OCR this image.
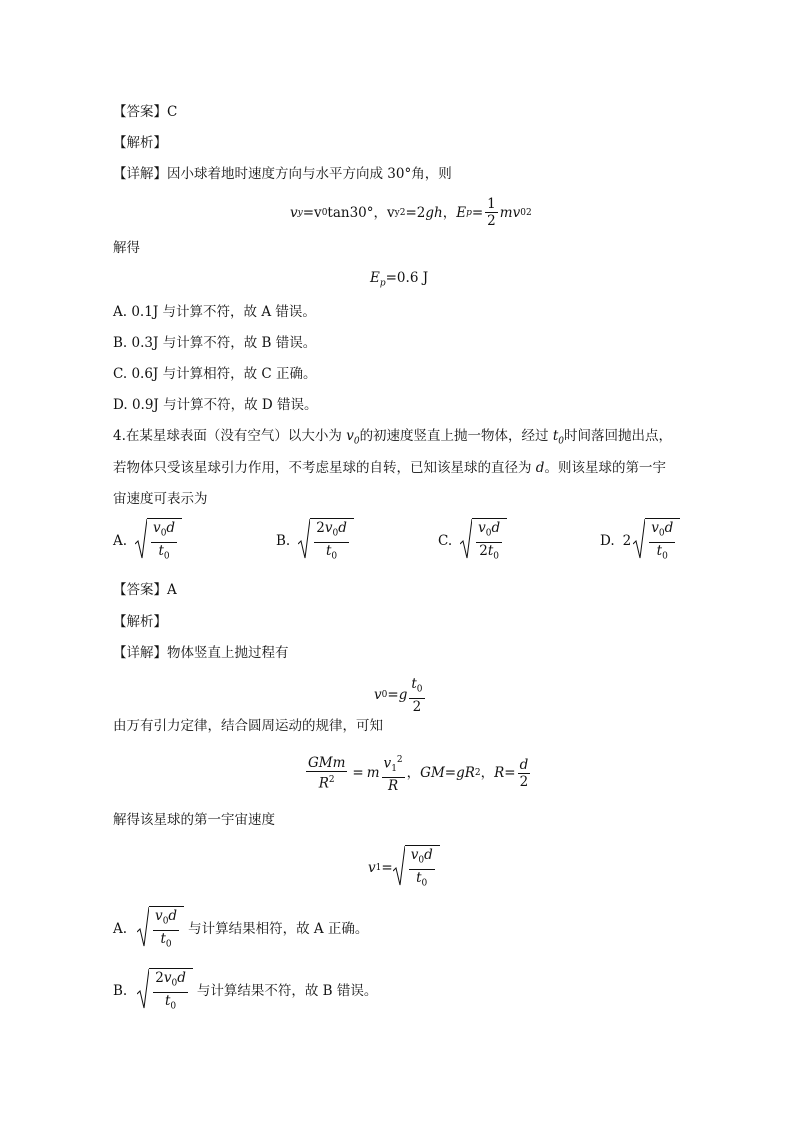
【答案】C
【解析】
【详解】因小球着地时速度方向与水平方向成 30°角，则
v y =v 0 tan30°，v y 2 =2 gh ， E $p = \frac{1}{2}$ mv 0 2
解得
$E_p=0.6$ J
A. 0.1J 与计算不符，故 A 错误。
B. 0.3J 与计算不符，故 B 错误。
C. 0.6J 与计算相符，故 C 正确。
D. 0.9J 与计算不符，故 D 错误。
4.在某星球表面（没有空气）以大小为 $v_0$的初速度竖直上抛一物体，经过 $t_0$时间落回抛出点，
若物体只受该星球引力作用，不考虑星球的自转，已知该星球的直径为 d。则该星球的第一宇
宙速度可表示为
A.
$v_0d$
$t_0$
B.
$2v_0d$
$t_0$
C.
$v_0d$
$2t_0$
D. 2
$v_0d$
$t_0$
【答案】A
【解析】
【详解】物体竖直上抛过程有
v 0 = g
$t_0$
2
由万有引力定律，结合圆周运动的规律，可知
GMm
$R^2 = m$
$v_1^2$
R
， GM = gR 2 ， $R = \frac{d}{2}$
解得该星球的第一宇宙速度
v 1 =
$v_0d$
$t_0$
A.
$v_0d$
$t_0$
与计算结果相符，故 A 正确。
B.
$2v_0d$
$t_0$
与计算结果不符，故 B 错误。
